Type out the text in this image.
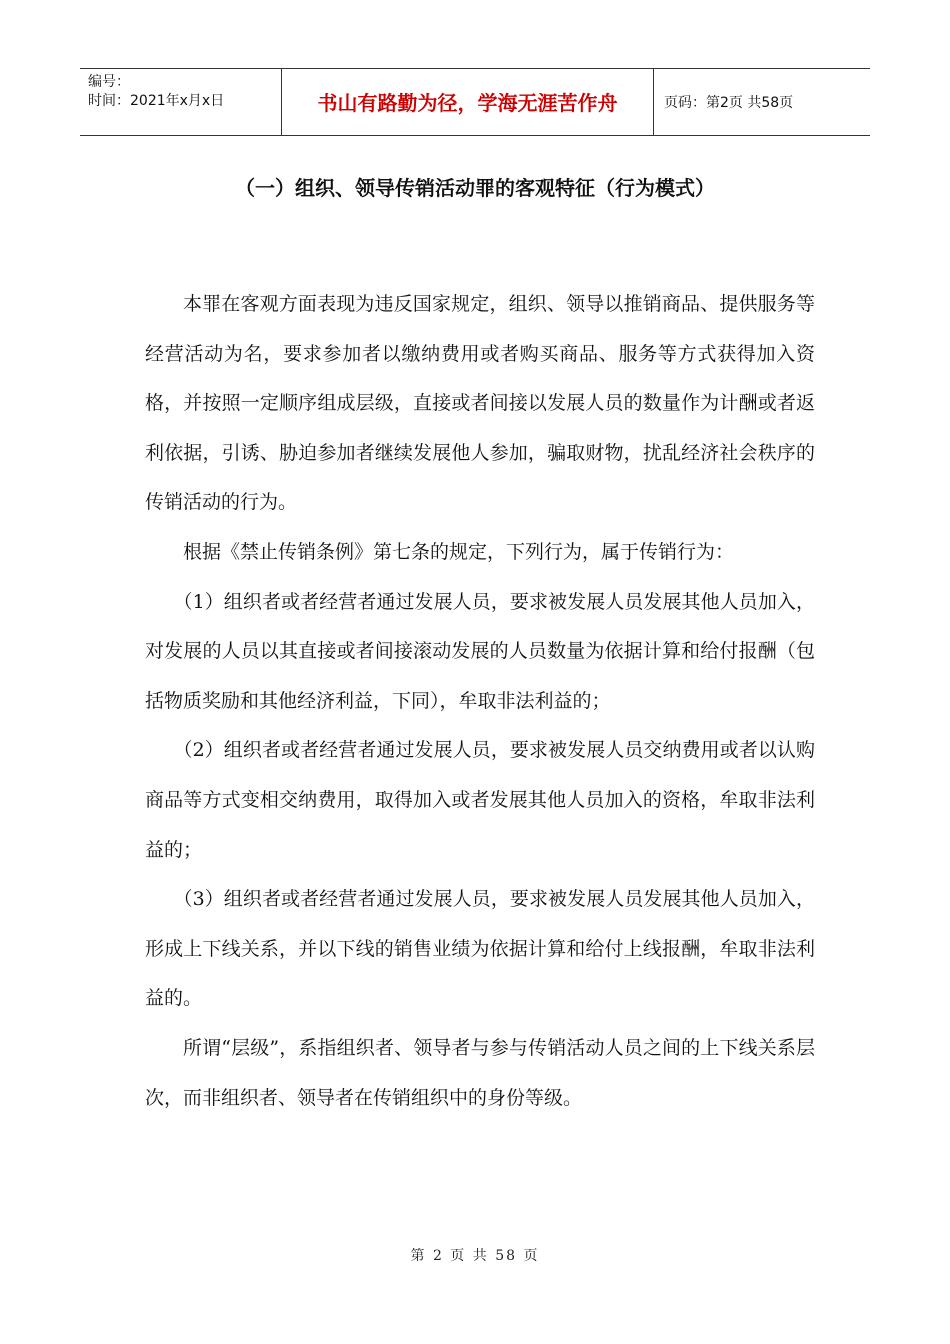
编号：
时间：2021年x月x日	书山有路勤为径，学海无涯苦作舟	页码：第2页 共58页
（一）组织、领导传销活动罪的客观特征（行为模式）

本罪在客观方面表现为违反国家规定，组织、领导以推销商品、提供服务等经营活动为名，要求参加者以缴纳费用或者购买商品、服务等方式获得加入资格，并按照一定顺序组成层级，直接或者间接以发展人员的数量作为计酬或者返利依据，引诱、胁迫参加者继续发展他人参加，骗取财物，扰乱经济社会秩序的传销活动的行为。

根据《禁止传销条例》第七条的规定，下列行为，属于传销行为：

（1）组织者或者经营者通过发展人员，要求被发展人员发展其他人员加入，对发展的人员以其直接或者间接滚动发展的人员数量为依据计算和给付报酬（包括物质奖励和其他经济利益，下同），牟取非法利益的；

（2）组织者或者经营者通过发展人员，要求被发展人员交纳费用或者以认购商品等方式变相交纳费用，取得加入或者发展其他人员加入的资格，牟取非法利益的；

（3）组织者或者经营者通过发展人员，要求被发展人员发展其他人员加入，形成上下线关系，并以下线的销售业绩为依据计算和给付上线报酬，牟取非法利益的。

所谓“层级”，系指组织者、领导者与参与传销活动人员之间的上下线关系层次，而非组织者、领导者在传销组织中的身份等级。

第 2 页 共 58 页
